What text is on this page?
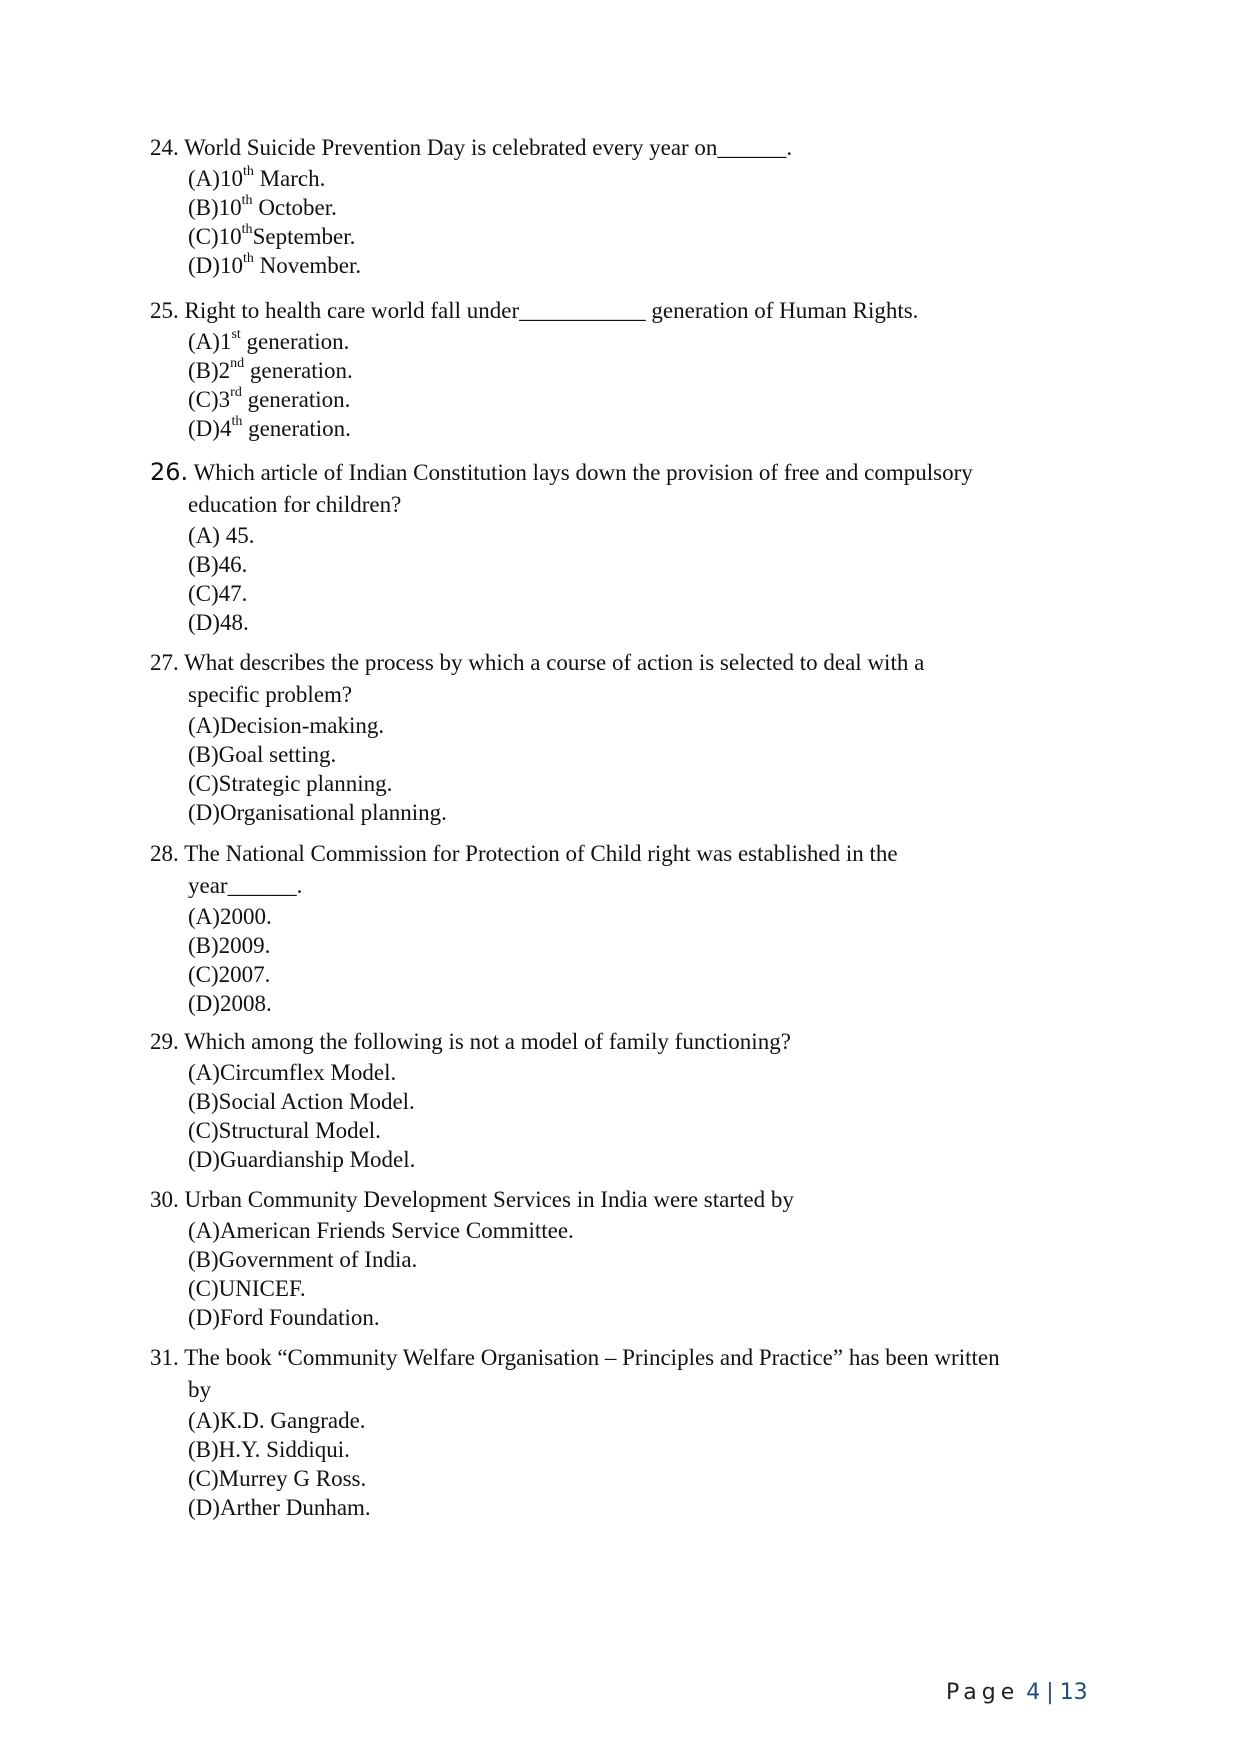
24. World Suicide Prevention Day is celebrated every year on______.
(A)10th March.
(B)10th October.
(C)10thSeptember.
(D)10th November.
25. Right to health care world fall under___________ generation of Human Rights.
(A)1st generation.
(B)2nd generation.
(C)3rd generation.
(D)4th generation.
26. Which article of Indian Constitution lays down the provision of free and compulsory
education for children?
(A) 45.
(B)46.
(C)47.
(D)48.
27. What describes the process by which a course of action is selected to deal with a
specific problem?
(A)Decision-making.
(B)Goal setting.
(C)Strategic planning.
(D)Organisational planning.
28. The National Commission for Protection of Child right was established in the
year______.
(A)2000.
(B)2009.
(C)2007.
(D)2008.
29. Which among the following is not a model of family functioning?
(A)Circumflex Model.
(B)Social Action Model.
(C)Structural Model.
(D)Guardianship Model.
30. Urban Community Development Services in India were started by
(A)American Friends Service Committee.
(B)Government of India.
(C)UNICEF.
(D)Ford Foundation.
31. The book “Community Welfare Organisation – Principles and Practice” has been written
by
(A)K.D. Gangrade.
(B)H.Y. Siddiqui.
(C)Murrey G Ross.
(D)Arther Dunham.
Page 4 | 13
